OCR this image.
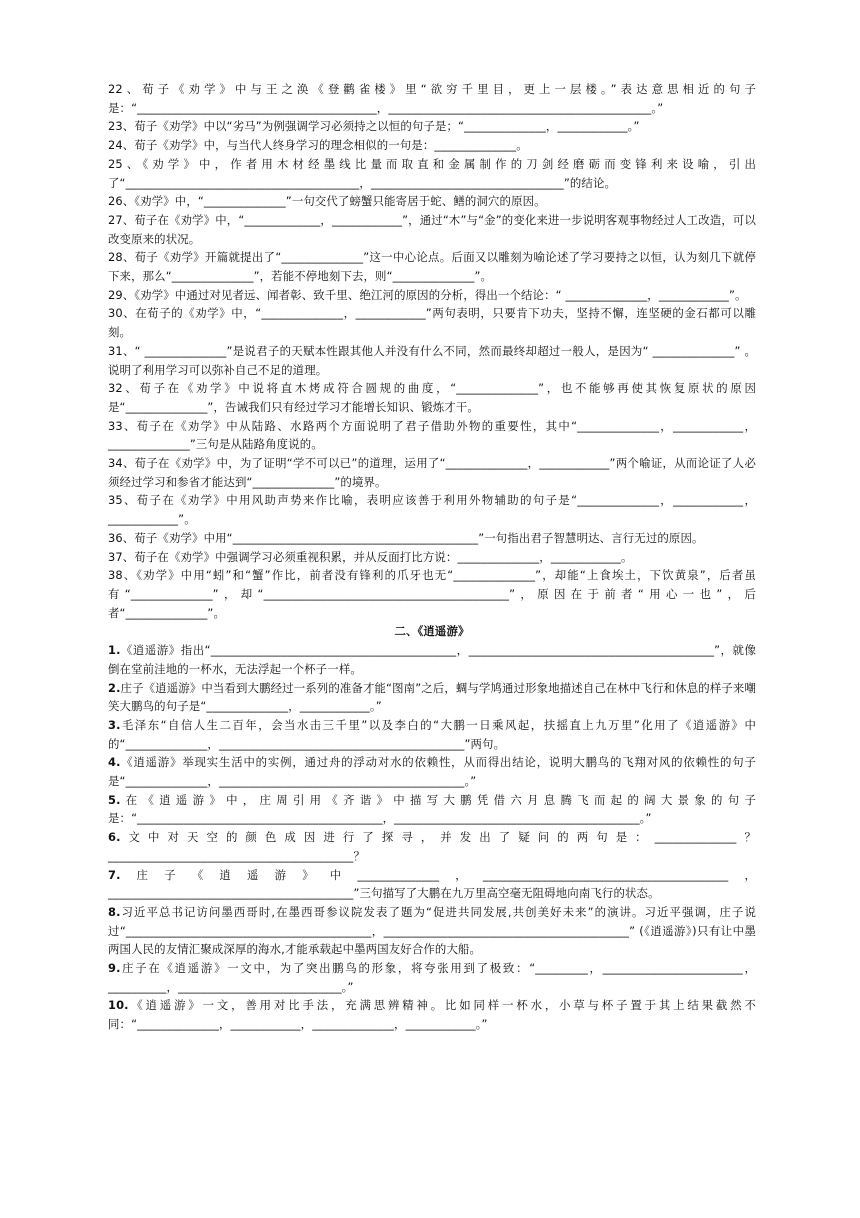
22、荀子《劝学》中与王之涣《登鹳雀楼》里“欲穷千里目，更上一层楼。”表达意思相近的句子是：“_________________________________________，_____________________________________________。”

23、荀子《劝学》中以“劣马”为例强调学习必须持之以恒的句子是；“______________，____________。”

24、荀子《劝学》中，与当代人终身学习的理念相似的一句是：______________。

25、《劝学》中，作者用木材经墨线比量而取直和金属制作的刀剑经磨砺而变锋利来设喻，引出了“________________________________________，_________________________________”的结论。

26、《劝学》中，“______________”一句交代了螃蟹只能寄居于蛇、鳝的洞穴的原因。

27、荀子在《劝学》中，“_____________，____________”，通过“木”与“金”的变化来进一步说明客观事物经过人工改造，可以改变原来的状况。

28、荀子《劝学》开篇就提出了“______________”这一中心论点。后面又以雕刻为喻论述了学习要持之以恒，认为刻几下就停下来，那么“______________”，若能不停地刻下去，则“______________”。

29、《劝学》中通过对见者远、闻者彰、致千里、绝江河的原因的分析，得出一个结论：“ ______________，____________”。

30、在荀子的《劝学》中，“______________，____________”两句表明，只要肯下功夫，坚持不懈，连坚硬的金石都可以雕刻。

31、“ ______________”是说君子的天赋本性跟其他人并没有什么不同，然而最终却超过一般人，是因为“ ______________” 。说明了利用学习可以弥补自己不足的道理。

32、荀子在《劝学》中说将直木烤成符合圆规的曲度，“______________”，也不能够再使其恢复原状的原因是“______________”，告诫我们只有经过学习才能增长知识、锻炼才干。

33、荀子在《劝学》中从陆路、水路两个方面说明了君子借助外物的重要性，其中“______________，____________，______________”三句是从陆路角度说的。

34、荀子在《劝学》中，为了证明“学不可以已”的道理，运用了“______________，____________”两个喻证，从而论证了人必须经过学习和参省才能达到“______________”的境界。

35、荀子在《劝学》中用风助声势来作比喻，表明应该善于利用外物辅助的句子是“______________，____________，____________”。

36、荀子《劝学》中用“__________________________________________”一句指出君子智慧明达、言行无过的原因。

37、荀子在《劝学》中强调学习必须重视积累，并从反面打比方说：______________，____________。

38、《劝学》中用“蚓”和“蟹”作比，前者没有锋利的爪牙也无“______________”，却能“上食埃土，下饮黄泉”，后者虽有“______________”，却“__________________________________________”，原因在于前者“用心一也”，后者“______________”。

二、《逍遥游》

1.《逍遥游》指出“__________________________________________，__________________________________________”，就像倒在堂前洼地的一杯水，无法浮起一个杯子一样。

2.庄子《逍遥游》中当看到大鹏经过一系列的准备才能“图南”之后，蜩与学鸠通过形象地描述自己在林中飞行和休息的样子来嘲笑大鹏鸟的句子是“______________，____________。”

3.毛泽东“自信人生二百年，会当水击三千里”以及李白的“大鹏一日乘风起，扶摇直上九万里”化用了《逍遥游》中的“______________，__________________________________________”两句。

4.《逍遥游》举现实生活中的实例，通过舟的浮动对水的依赖性，从而得出结论，说明大鹏鸟的飞翔对风的依赖性的句子是“______________，__________________________________________。”

5.在《逍遥游》中，庄周引用《齐谐》中描写大鹏凭借六月息腾飞而起的阔大景象的句子是：“__________________________________________，__________________________________________。”

6.文中对天空的颜色成因进行了探寻，并发出了疑问的两句是：______________？__________________________________________？

7.庄子《逍遥游》中______________，__________________________________________，__________________________________________”三句描写了大鹏在九万里高空毫无阻碍地向南飞行的状态。

8.习近平总书记访问墨西哥时,在墨西哥参议院发表了题为“促进共同发展,共创美好未来”的演讲。习近平强调，庄子说过“__________________________________________，__________________________________________” (《逍遥游》)只有让中墨两国人民的友情汇聚成深厚的海水,才能承载起中墨两国友好合作的大船。

9.庄子在《逍遥游》一文中，为了突出鹏鸟的形象，将夸张用到了极致：“_________，________________________，__________，____________________________。”

10.《逍遥游》一文，善用对比手法，充满思辨精神。比如同样一杯水，小草与杯子置于其上结果截然不同：“______________，____________，______________，____________。”
